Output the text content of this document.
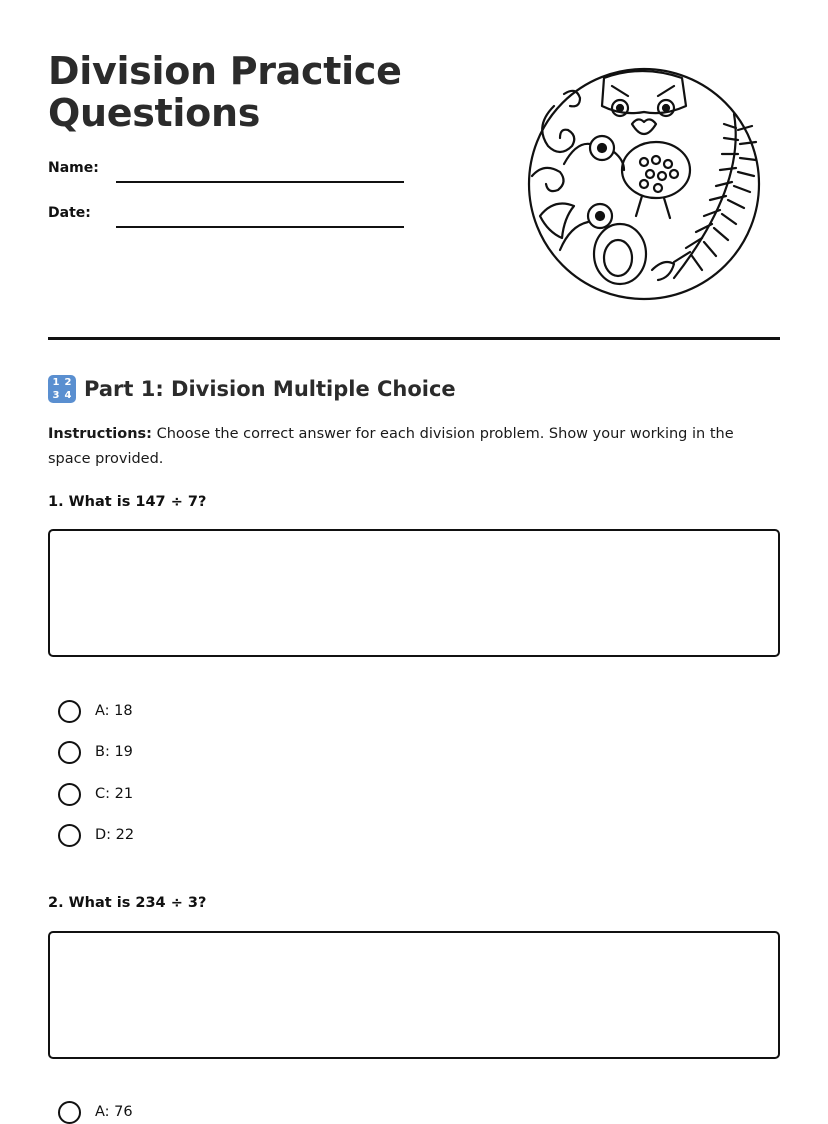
Division Practice
Questions
Name:
Date:
1 2
3 4 Part 1: Division Multiple Choice
Instructions: Choose the correct answer for each division problem. Show your working in the space provided.
1. What is 147 ÷ 7?
A: 18
B: 19
C: 21
D: 22
2. What is 234 ÷ 3?
A: 76
